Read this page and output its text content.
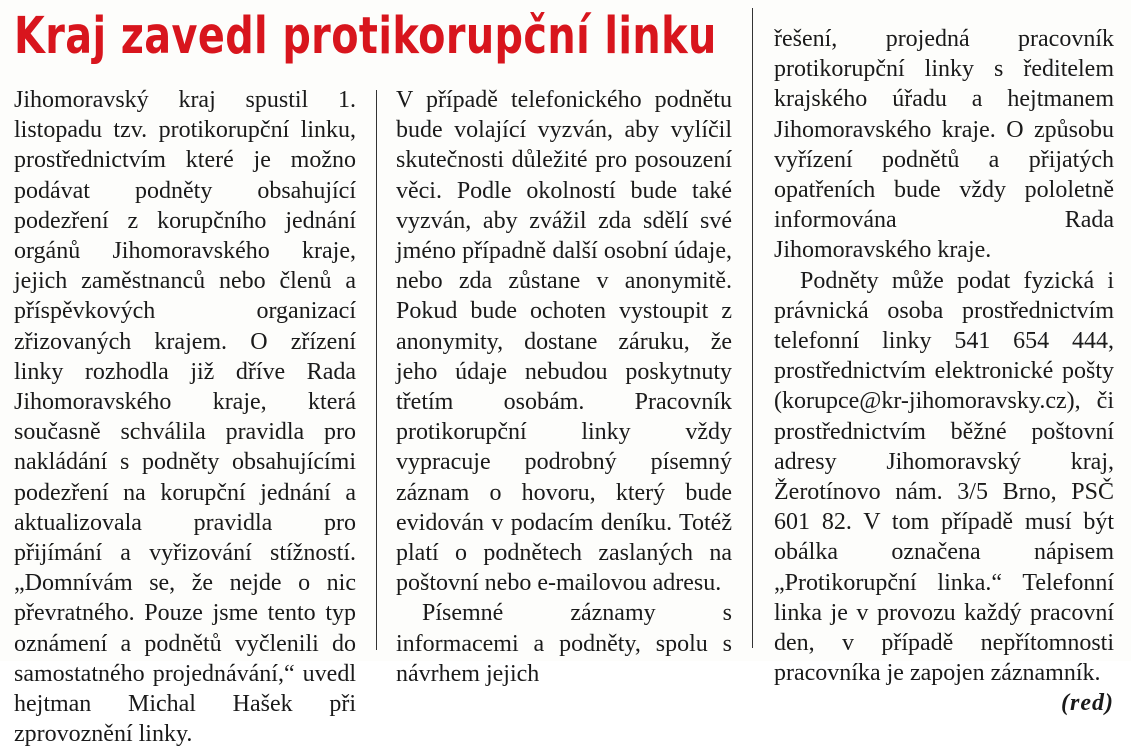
Kraj zavedl protikorupční linku

Jihomoravský kraj spustil 1. listopadu tzv. protikorupční linku, prostřednictvím které je možno podávat podněty obsahující podezření z korupčního jednání orgánů Jihomoravského kraje, jejich zaměstnanců nebo členů a příspěvkových organizací zřizovaných krajem. O zřízení linky rozhodla již dříve Rada Jihomoravského kraje, která současně schválila pravidla pro nakládání s podněty obsahujícími podezření na korupční jednání a aktualizovala pravidla pro přijímání a vyřizování stížností. „Domnívám se, že nejde o nic převratného. Pouze jsme tento typ oznámení a podnětů vyčlenili do samostatného projednávání,“ uvedl hejtman Michal Hašek při zprovoznění linky.

V případě telefonického podnětu bude volající vyzván, aby vylíčil skutečnosti důležité pro posouzení věci. Podle okolností bude také vyzván, aby zvážil zda sdělí své jméno případně další osobní údaje, nebo zda zůstane v anonymitě. Pokud bude ochoten vystoupit z anonymity, dostane záruku, že jeho údaje nebudou poskytnuty třetím osobám. Pracovník protikorupční linky vždy vypracuje podrobný písemný záznam o hovoru, který bude evidován v podacím deníku. Totéž platí o podnětech zaslaných na poštovní nebo e-mailovou adresu.

Písemné záznamy s informacemi a podněty, spolu s návrhem jejich

řešení, projedná pracovník protikorupční linky s ředitelem krajského úřadu a hejtmanem Jihomoravského kraje. O způsobu vyřízení podnětů a přijatých opatřeních bude vždy pololetně informována Rada Jihomoravského kraje.

Podněty může podat fyzická i právnická osoba prostřednictvím telefonní linky 541 654 444, prostřednictvím elektronické pošty (korupce@kr-jihomoravsky.cz), či prostřednictvím běžné poštovní adresy Jihomoravský kraj, Žerotínovo nám. 3/5 Brno, PSČ 601 82. V tom případě musí být obálka označena nápisem „Protikorupční linka.“ Telefonní linka je v provozu každý pracovní den, v případě nepřítomnosti pracovníka je zapojen záznamník.
(red)
